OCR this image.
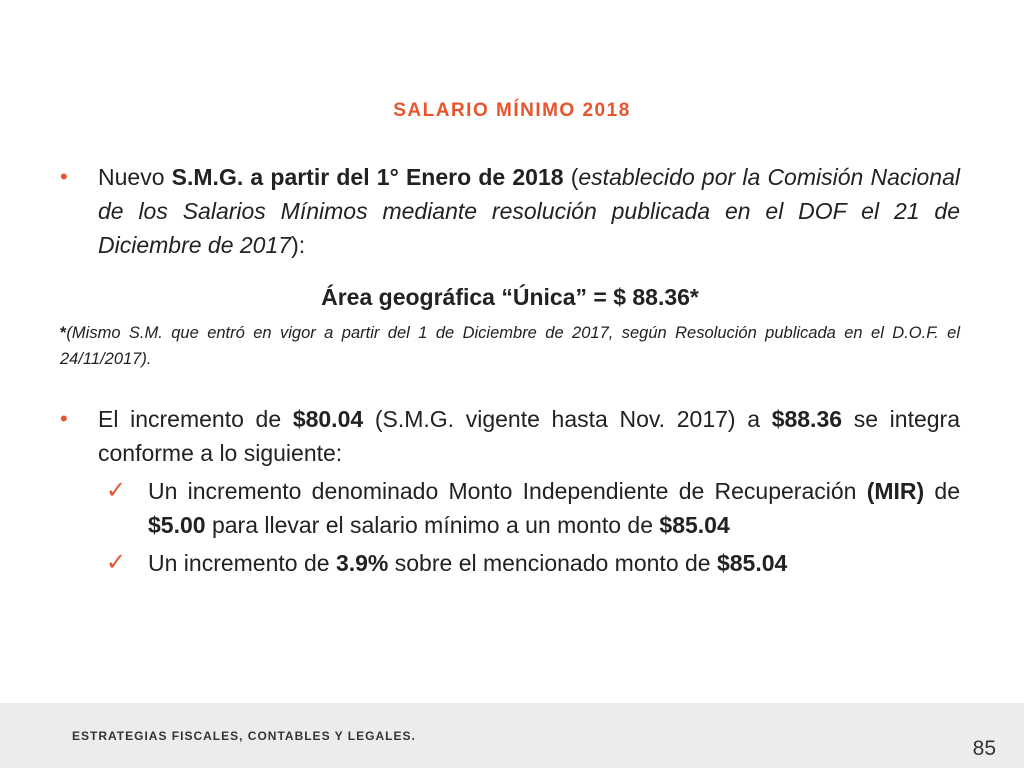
SALARIO MÍNIMO 2018
• Nuevo S.M.G. a partir del 1° Enero de 2018 (establecido por la Comisión Nacional de los Salarios Mínimos mediante resolución publicada en el DOF el 21 de Diciembre de 2017):
Área geográfica “Única” = $ 88.36*
*(Mismo S.M. que entró en vigor a partir del 1 de Diciembre de 2017, según Resolución publicada en el D.O.F. el 24/11/2017).
• El incremento de $80.04 (S.M.G. vigente hasta Nov. 2017) a $88.36 se integra conforme a lo siguiente:
✓ Un incremento denominado Monto Independiente de Recuperación (MIR) de $5.00 para llevar el salario mínimo a un monto de $85.04
✓ Un incremento de 3.9% sobre el mencionado monto de $85.04
ESTRATEGIAS FISCALES, CONTABLES Y LEGALES.
85
